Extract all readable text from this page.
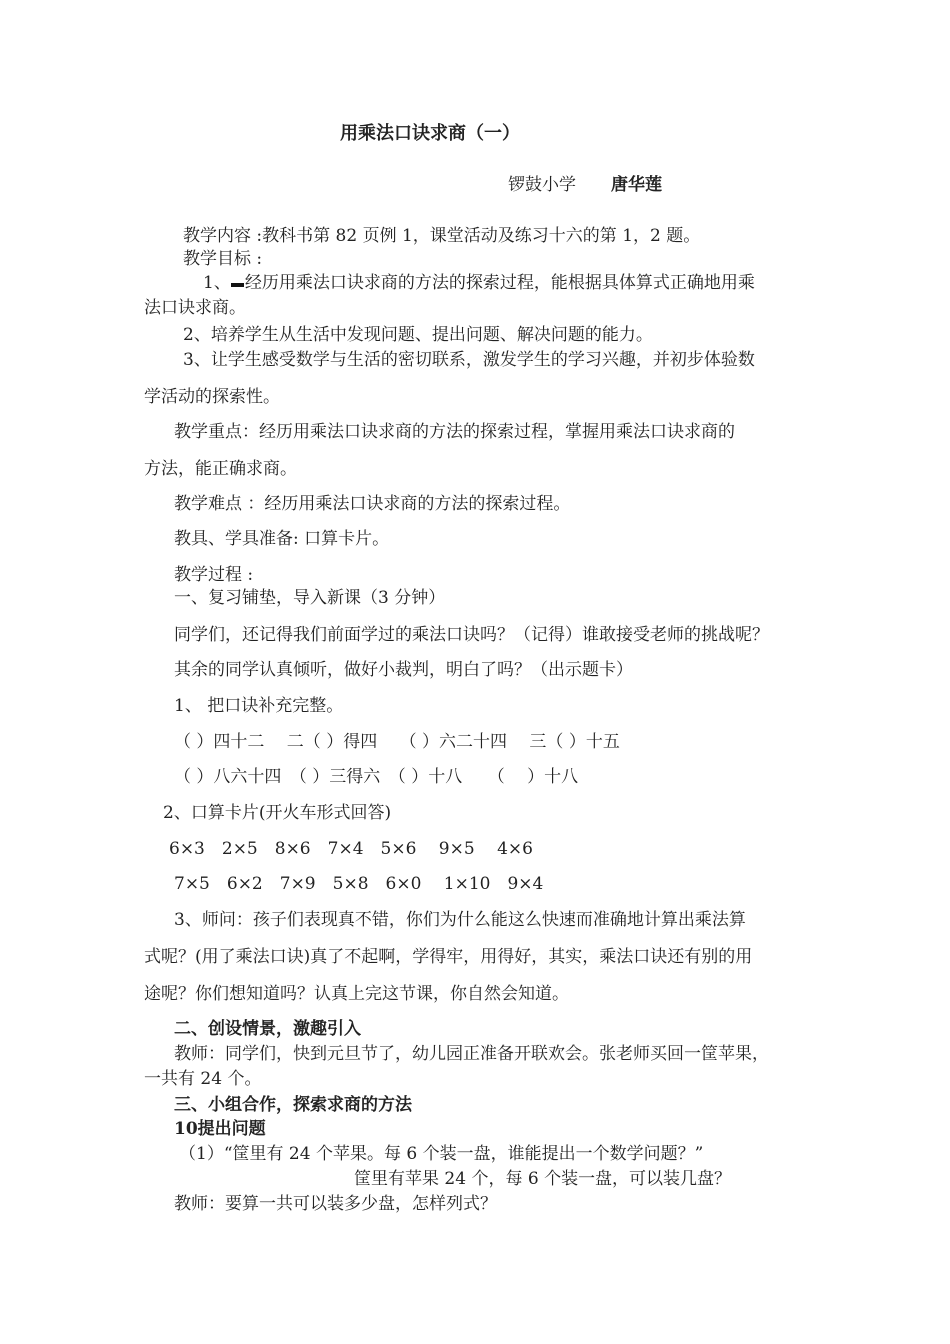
用乘法口诀求商（一）
锣鼓小学 唐华莲
教学内容 :教科书第 82 页例 1，课堂活动及练习十六的第 1，2 题。
教学目标 :
1、 经历用乘法口诀求商的方法的探索过程，能根据具体算式正确地用乘
法口诀求商。
2、培养学生从生活中发现问题、提出问题、解决问题的能力。
3、让学生感受数学与生活的密切联系，激发学生的学习兴趣，并初步体验数
学活动的探索性。
教学重点：经历用乘法口诀求商的方法的探索过程，掌握用乘法口诀求商的
方法，能正确求商。
教学难点 ：经历用乘法口诀求商的方法的探索过程。
教具、学具准备: 口算卡片。
教学过程 :
一、复习铺垫，导入新课（3 分钟）
同学们，还记得我们前面学过的乘法口诀吗？（记得）谁敢接受老师的挑战呢？
其余的同学认真倾听，做好小裁判，明白了吗？（出示题卡）
1、 把口诀补充完整。
（ ）四十二　 二（ ）得四　 （ ）六二十四　 三（ ）十五
（ ）八六十四　（ ）三得六　（ ）十八　　（　 ）十八
2、口算卡片(开火车形式回答)
6×3　2×5　8×6　7×4　5×6　 9×5　 4×6
7×5　6×2　7×9　5×8　6×0　 1×10　9×4
3、师问：孩子们表现真不错，你们为什么能这么快速而准确地计算出乘法算
式呢？(用了乘法口诀)真了不起啊，学得牢，用得好，其实，乘法口诀还有别的用
途呢？你们想知道吗？认真上完这节课，你自然会知道。
二、创设情景，激趣引入
教师：同学们，快到元旦节了，幼儿园正准备开联欢会。张老师买回一筐苹果，
一共有 24 个。
三、小组合作，探索求商的方法
10提出问题
（1）“筐里有 24 个苹果。每 6 个装一盘，谁能提出一个数学问题？”
筐里有苹果 24 个，每 6 个装一盘，可以装几盘？
教师：要算一共可以装多少盘，怎样列式？
